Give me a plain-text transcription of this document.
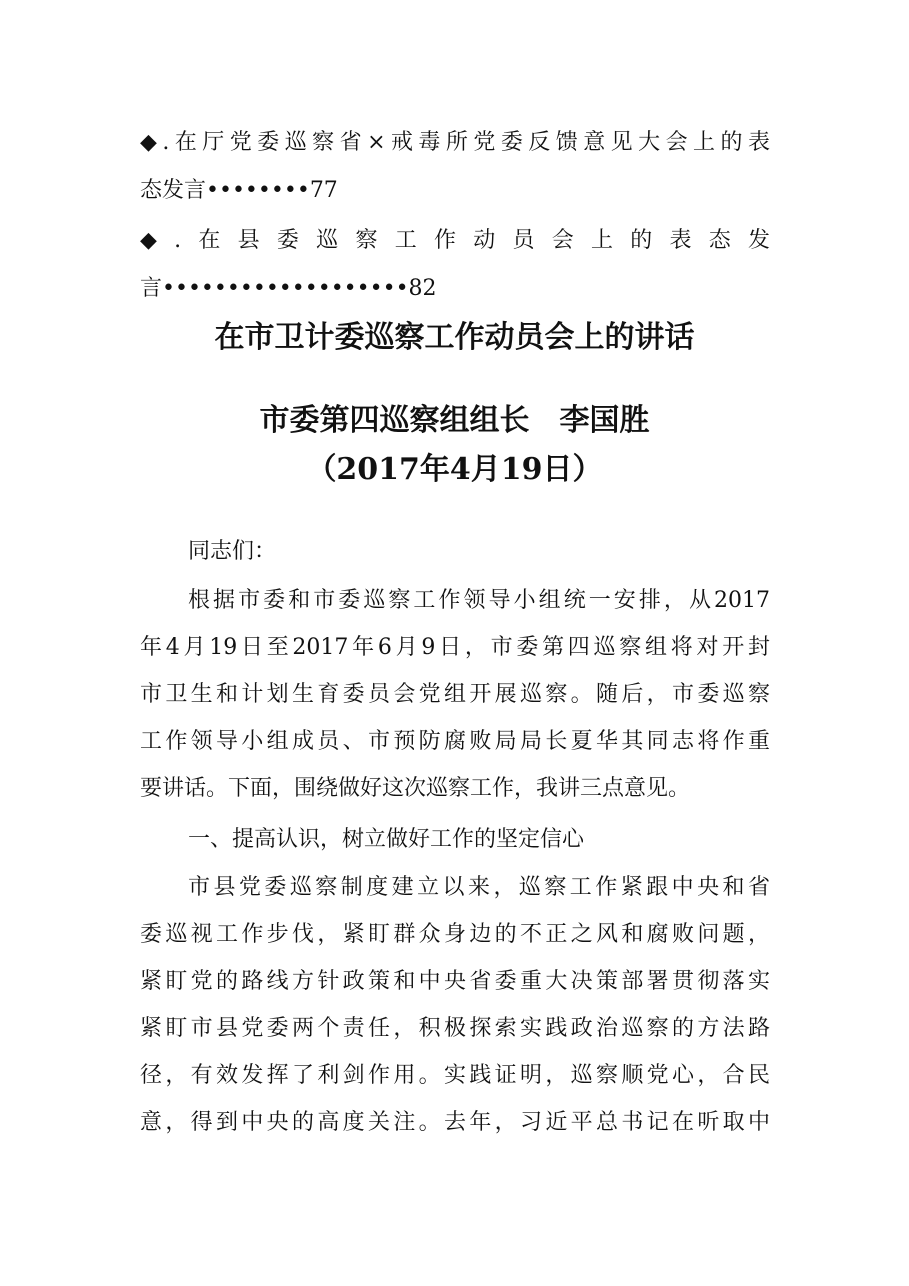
◆.在厅党委巡察省×戒毒所党委反馈意见大会上的表
态发言••••••••77
◆.在县委巡察工作动员会上的表态发
言•••••••••••••••••••82
在市卫计委巡察工作动员会上的讲话
市委第四巡察组组长　李国胜
（2017年4月19日）
同志们：
根据市委和市委巡察工作领导小组统一安排，从2017
年4月19日至2017年6月9日，市委第四巡察组将对开封
市卫生和计划生育委员会党组开展巡察。随后，市委巡察
工作领导小组成员、市预防腐败局局长夏华其同志将作重
要讲话。下面，围绕做好这次巡察工作，我讲三点意见。
一、提高认识，树立做好工作的坚定信心
市县党委巡察制度建立以来，巡察工作紧跟中央和省
委巡视工作步伐，紧盯群众身边的不正之风和腐败问题，
紧盯党的路线方针政策和中央省委重大决策部署贯彻落实
紧盯市县党委两个责任，积极探索实践政治巡察的方法路
径，有效发挥了利剑作用。实践证明，巡察顺党心，合民
意，得到中央的高度关注。去年，习近平总书记在听取中
